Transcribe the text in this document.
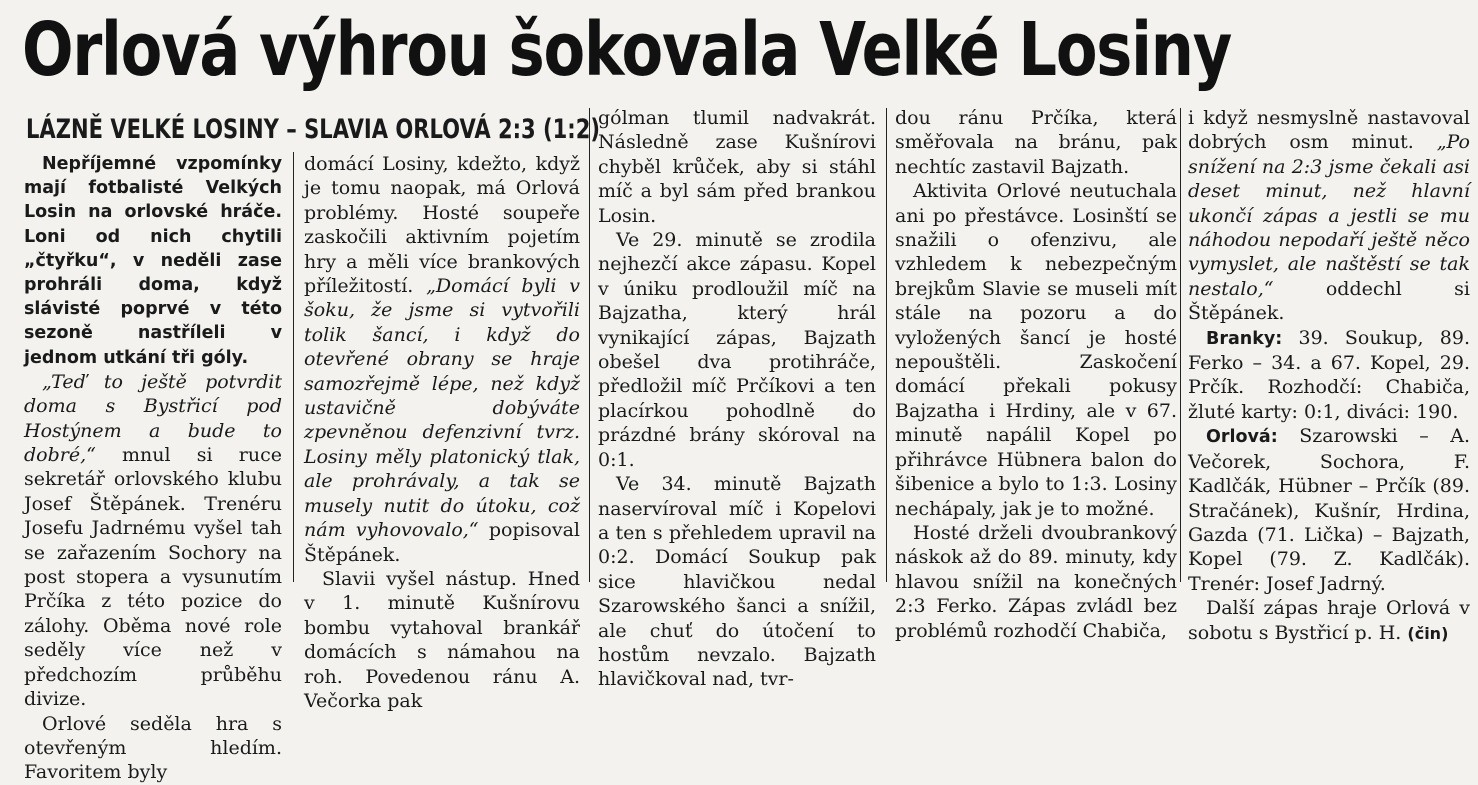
Orlová výhrou šokovala Velké Losiny
LÁZNĚ VELKÉ LOSINY – SLAVIA ORLOVÁ 2:3 (1:2)

Nepříjemné vzpomínky mají fotbalisté Velkých Losin na orlovské hráče. Loni od nich chytili „čtyřku“, v neděli zase prohráli doma, když slávisté poprvé v této sezoně nastříleli v jednom utkání tři góly.

„Teď to ještě potvrdit doma s Bystřicí pod Hostýnem a bude to dobré,“ mnul si ruce sekretář orlovského klubu Josef Štěpánek. Trenéru Josefu Jadrnému vyšel tah se zařazením Sochory na post stopera a vysunutím Prčíka z této pozice do zálohy. Oběma nové role seděly více než v předchozím průběhu divize.

Orlové seděla hra s otevřeným hledím. Favoritem byly

domácí Losiny, kdežto, když je tomu naopak, má Orlová problémy. Hosté soupeře zaskočili aktivním pojetím hry a měli více brankových příležitostí. „Domácí byli v šoku, že jsme si vytvořili tolik šancí, i když do otevřené obrany se hraje samozřejmě lépe, než když ustavičně dobýváte zpevněnou defenzivní tvrz. Losiny měly platonický tlak, ale prohrávaly, a tak se musely nutit do útoku, což nám vyhovovalo,“ popisoval Štěpánek.

Slavii vyšel nástup. Hned v 1. minutě Kušnírovu bombu vytahoval brankář domácích s námahou na roh. Povedenou ránu A. Večorka pak

gólman tlumil nadvakrát. Následně zase Kušnírovi chyběl krůček, aby si stáhl míč a byl sám před brankou Losin.

Ve 29. minutě se zrodila nejhezčí akce zápasu. Kopel v úniku prodloužil míč na Bajzatha, který hrál vynikající zápas, Bajzath obešel dva protihráče, předložil míč Prčíkovi a ten placírkou pohodlně do prázdné brány skóroval na 0:1.

Ve 34. minutě Bajzath naservíroval míč i Kopelovi a ten s přehledem upravil na 0:2. Domácí Soukup pak sice hlavičkou nedal Szarowského šanci a snížil, ale chuť do útočení to hostům nevzalo. Bajzath hlavičkoval nad, tvr-

dou ránu Prčíka, která směřovala na bránu, pak nechtíc zastavil Bajzath.

Aktivita Orlové neutuchala ani po přestávce. Losinští se snažili o ofenzivu, ale vzhledem k nebezpečným brejkům Slavie se museli mít stále na pozoru a do vyložených šancí je hosté nepouštěli. Zaskočení domácí překali pokusy Bajzatha i Hrdiny, ale v 67. minutě napálil Kopel po přihrávce Hübnera balon do šibenice a bylo to 1:3. Losiny nechápaly, jak je to možné.

Hosté drželi dvoubrankový náskok až do 89. minuty, kdy hlavou snížil na konečných 2:3 Ferko. Zápas zvládl bez problémů rozhodčí Chabiča,

i když nesmyslně nastavoval dobrých osm minut. „Po snížení na 2:3 jsme čekali asi deset minut, než hlavní ukončí zápas a jestli se mu náhodou nepodaří ještě něco vymyslet, ale naštěstí se tak nestalo,“ oddechl si Štěpánek.

Branky: 39. Soukup, 89. Ferko – 34. a 67. Kopel, 29. Prčík. Rozhodčí: Chabiča, žluté karty: 0:1, diváci: 190.

Orlová: Szarowski – A. Večorek, Sochora, F. Kadlčák, Hübner – Prčík (89. Stračánek), Kušnír, Hrdina, Gazda (71. Lička) – Bajzath, Kopel (79. Z. Kadlčák). Trenér: Josef Jadrný.

Další zápas hraje Orlová v sobotu s Bystřicí p. H. (čin)
